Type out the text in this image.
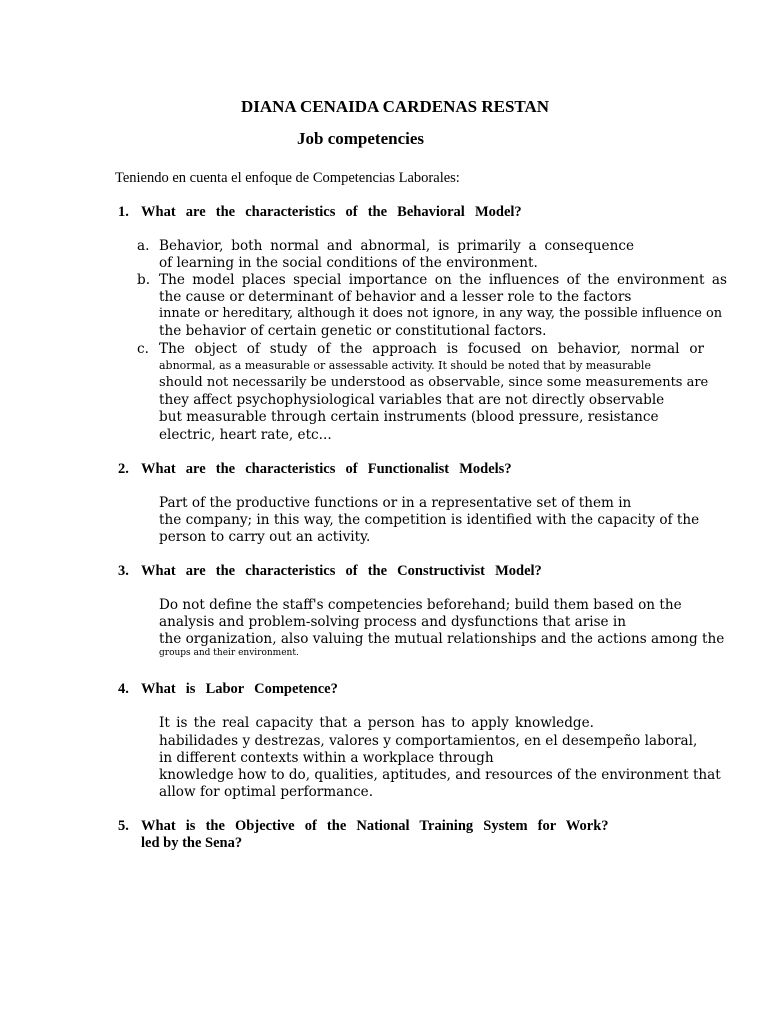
DIANA CENAIDA CARDENAS RESTAN
Job competencies
Teniendo en cuenta el enfoque de Competencias Laborales:
1. What are the characteristics of the Behavioral Model?
a. Behavior, both normal and abnormal, is primarily a consequence
of learning in the social conditions of the environment.
b. The model places special importance on the influences of the environment as
the cause or determinant of behavior and a lesser role to the factors
innate or hereditary, although it does not ignore, in any way, the possible influence on
the behavior of certain genetic or constitutional factors.
c. The object of study of the approach is focused on behavior, normal or
abnormal, as a measurable or assessable activity. It should be noted that by measurable
should not necessarily be understood as observable, since some measurements are
they affect psychophysiological variables that are not directly observable
but measurable through certain instruments (blood pressure, resistance
electric, heart rate, etc...
2. What are the characteristics of Functionalist Models?
Part of the productive functions or in a representative set of them in
the company; in this way, the competition is identified with the capacity of the
person to carry out an activity.
3. What are the characteristics of the Constructivist Model?
Do not define the staff's competencies beforehand; build them based on the
analysis and problem-solving process and dysfunctions that arise in
the organization, also valuing the mutual relationships and the actions among the
groups and their environment.
4. What is Labor Competence?
It is the real capacity that a person has to apply knowledge.
habilidades y destrezas, valores y comportamientos, en el desempeño laboral,
in different contexts within a workplace through
knowledge how to do, qualities, aptitudes, and resources of the environment that
allow for optimal performance.
5. What is the Objective of the National Training System for Work?
led by the Sena?
